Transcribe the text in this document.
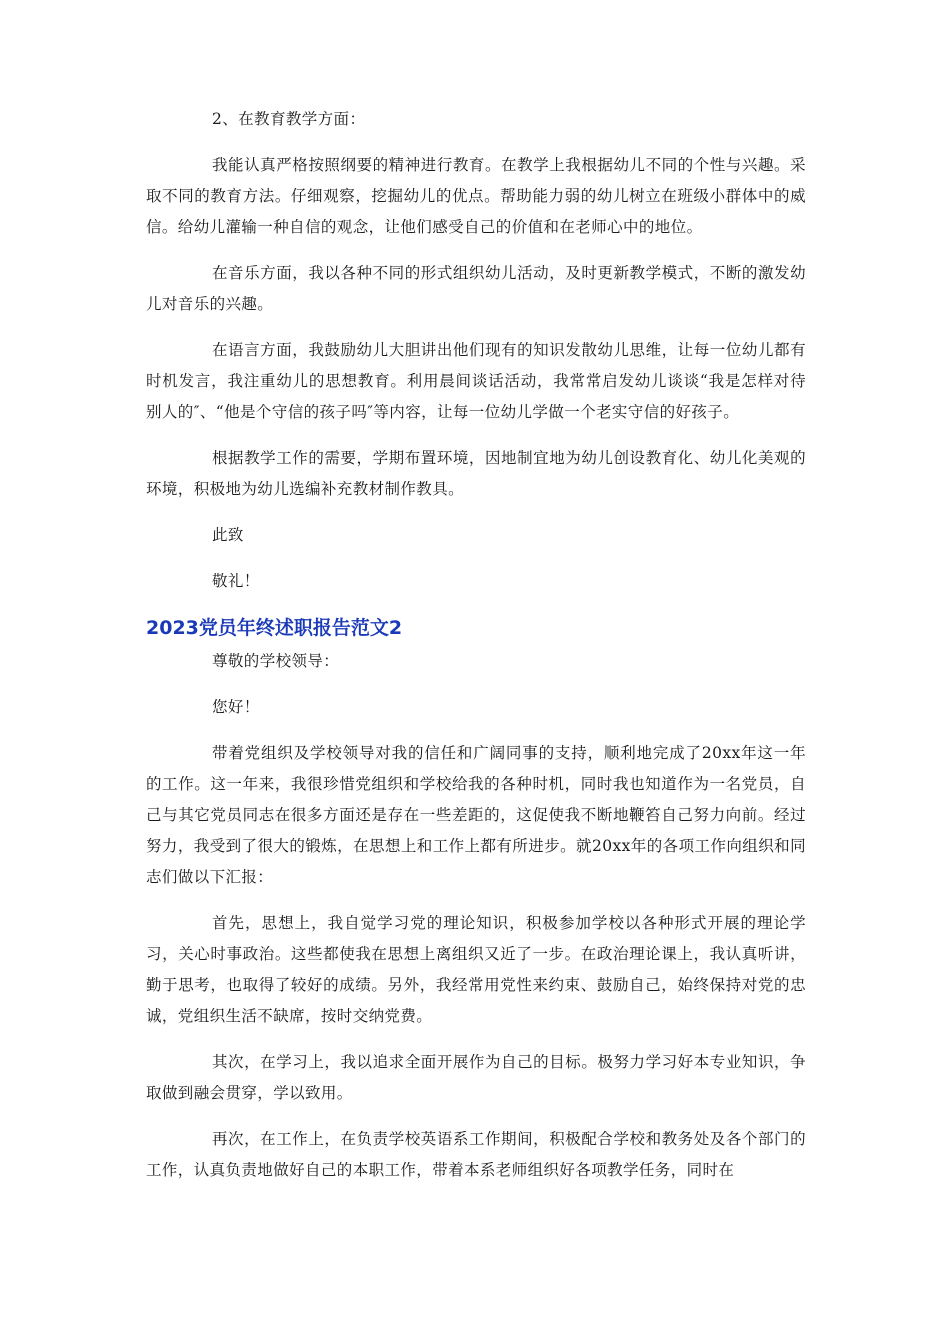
2、在教育教学方面：

我能认真严格按照纲要的精神进行教育。在教学上我根据幼儿不同的个性与兴趣。采取不同的教育方法。仔细观察，挖掘幼儿的优点。帮助能力弱的幼儿树立在班级小群体中的威信。给幼儿灌输一种自信的观念，让他们感受自己的价值和在老师心中的地位。

在音乐方面，我以各种不同的形式组织幼儿活动，及时更新教学模式，不断的激发幼儿对音乐的兴趣。

在语言方面，我鼓励幼儿大胆讲出他们现有的知识发散幼儿思维，让每一位幼儿都有时机发言，我注重幼儿的思想教育。利用晨间谈话活动，我常常启发幼儿谈谈“我是怎样对待别人的″、“他是个守信的孩子吗″等内容，让每一位幼儿学做一个老实守信的好孩子。

根据教学工作的需要，学期布置环境，因地制宜地为幼儿创设教育化、幼儿化美观的环境，积极地为幼儿选编补充教材制作教具。

此致

敬礼！

2023党员年终述职报告范文2

尊敬的学校领导：

您好！

带着党组织及学校领导对我的信任和广阔同事的支持，顺利地完成了20xx年这一年的工作。这一年来，我很珍惜党组织和学校给我的各种时机，同时我也知道作为一名党员，自己与其它党员同志在很多方面还是存在一些差距的，这促使我不断地鞭笞自己努力向前。经过努力，我受到了很大的锻炼，在思想上和工作上都有所进步。就20xx年的各项工作向组织和同志们做以下汇报：

首先，思想上，我自觉学习党的理论知识，积极参加学校以各种形式开展的理论学习，关心时事政治。这些都使我在思想上离组织又近了一步。在政治理论课上，我认真听讲，勤于思考，也取得了较好的成绩。另外，我经常用党性来约束、鼓励自己，始终保持对党的忠诚，党组织生活不缺席，按时交纳党费。

其次，在学习上，我以追求全面开展作为自己的目标。极努力学习好本专业知识，争取做到融会贯穿，学以致用。

再次，在工作上，在负责学校英语系工作期间，积极配合学校和教务处及各个部门的工作，认真负责地做好自己的本职工作，带着本系老师组织好各项教学任务，同时在
